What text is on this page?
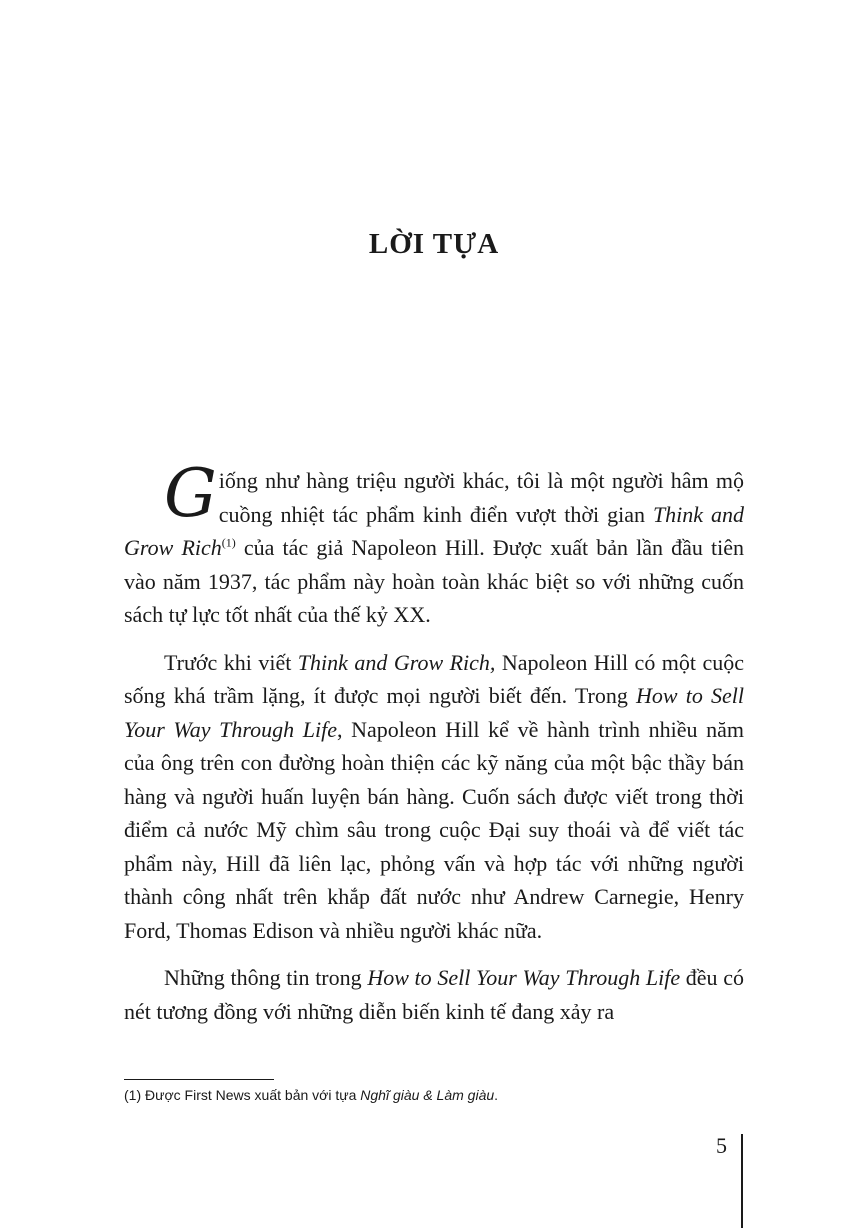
LỜI TỰA

Giống như hàng triệu người khác, tôi là một người hâm mộ cuồng nhiệt tác phẩm kinh điển vượt thời gian Think and Grow Rich$^{(1)}$ của tác giả Napoleon Hill. Được xuất bản lần đầu tiên vào năm 1937, tác phẩm này hoàn toàn khác biệt so với những cuốn sách tự lực tốt nhất của thế kỷ XX.

Trước khi viết Think and Grow Rich, Napoleon Hill có một cuộc sống khá trầm lặng, ít được mọi người biết đến. Trong How to Sell Your Way Through Life, Napoleon Hill kể về hành trình nhiều năm của ông trên con đường hoàn thiện các kỹ năng của một bậc thầy bán hàng và người huấn luyện bán hàng. Cuốn sách được viết trong thời điểm cả nước Mỹ chìm sâu trong cuộc Đại suy thoái và để viết tác phẩm này, Hill đã liên lạc, phỏng vấn và hợp tác với những người thành công nhất trên khắp đất nước như Andrew Carnegie, Henry Ford, Thomas Edison và nhiều người khác nữa.

Những thông tin trong How to Sell Your Way Through Life đều có nét tương đồng với những diễn biến kinh tế đang xảy ra

(1) Được First News xuất bản với tựa Nghĩ giàu & Làm giàu.

5
